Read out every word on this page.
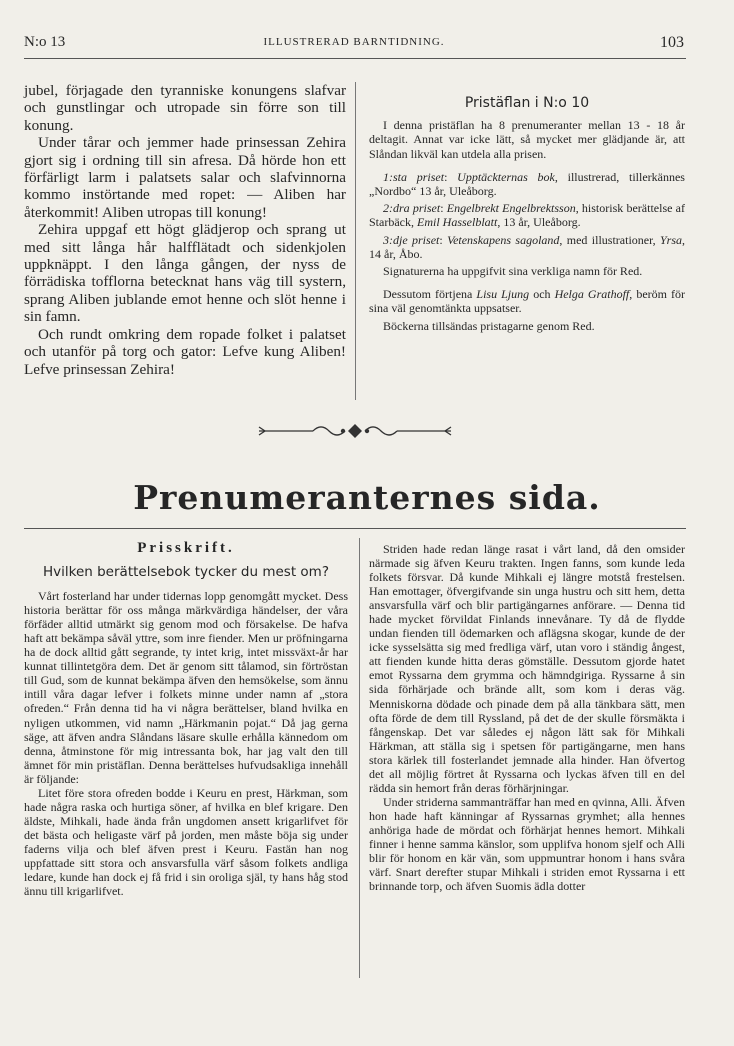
N:o 13	ILLUSTRERAD BARNTIDNING.	103

jubel, förjagade den tyranniske konungens slafvar och gunstlingar och utropade sin förre son till konung.

Under tårar och jemmer hade prinsessan Zehira gjort sig i ordning till sin afresa. Då hörde hon ett förfärligt larm i palatsets salar och slafvinnorna kommo instörtande med ropet: — Aliben har återkommit! Aliben utropas till konung!

Zehira uppgaf ett högt glädjerop och sprang ut med sitt långa hår halfflätadt och sidenkjolen uppknäppt. I den långa gången, der nyss de förrädiska tofflorna betecknat hans väg till systern, sprang Aliben jublande emot henne och slöt henne i sin famn.

Och rundt omkring dem ropade folket i palatset och utanför på torg och gator: Lefve kung Aliben! Lefve prinsessan Zehira!

Pristäflan i N:o 10

I denna pristäflan ha 8 prenumeranter mellan 13 - 18 år deltagit. Annat var icke lätt, så mycket mer glädjande är, att Slåndan likväl kan utdela alla prisen.

1:sta priset: Upptäckternas bok, illustrerad, tillerkännes „Nordbo“ 13 år, Uleåborg.

2:dra priset: Engelbrekt Engelbrektsson, historisk berättelse af Starbäck, Emil Hasselblatt, 13 år, Uleåborg.

3:dje priset: Vetenskapens sagoland, med illustrationer, Yrsa, 14 år, Åbo.

Signaturerna ha uppgifvit sina verkliga namn för Red.

Dessutom förtjena Lisu Ljung och Helga Grathoff, beröm för sina väl genomtänkta uppsatser.

Böckerna tillsändas pristagarne genom Red.

Prenumeranternes sida.

Prisskrift.

Hvilken berättelsebok tycker du mest om?

Vårt fosterland har under tidernas lopp genomgått mycket. Dess historia berättar för oss många märkvärdiga händelser, der våra förfäder alltid utmärkt sig genom mod och försakelse. De hafva haft att bekämpa såväl yttre, som inre fiender. Men ur pröfningarna ha de dock alltid gått segrande, ty intet krig, intet missväxt-år har kunnat tillintetgöra dem. Det är genom sitt tålamod, sin förtröstan till Gud, som de kunnat bekämpa äfven den hemsökelse, som ännu intill våra dagar lefver i folkets minne under namn af „stora ofreden.“ Från denna tid ha vi några berättelser, bland hvilka en nyligen utkommen, vid namn „Härkmanin pojat.“ Då jag gerna säge, att äfven andra Slåndans läsare skulle erhålla kännedom om denna, åtminstone för mig intressanta bok, har jag valt den till ämnet för min pristäflan. Denna berättelses hufvudsakliga innehåll är följande:

Litet före stora ofreden bodde i Keuru en prest, Härkman, som hade några raska och hurtiga söner, af hvilka en blef krigare. Den äldste, Mihkali, hade ända från ungdomen ansett krigarlifvet för det bästa och heligaste värf på jorden, men måste böja sig under faderns vilja och blef äfven prest i Keuru. Fastän han nog uppfattade sitt stora och ansvarsfulla värf såsom folkets andliga ledare, kunde han dock ej få frid i sin oroliga själ, ty hans håg stod ännu till krigarlifvet.

Striden hade redan länge rasat i vårt land, då den omsider närmade sig äfven Keuru trakten. Ingen fanns, som kunde leda folkets försvar. Då kunde Mihkali ej längre motstå frestelsen. Han emottager, öfvergifvande sin unga hustru och sitt hem, detta ansvarsfulla värf och blir partigängarnes anförare. — Denna tid hade mycket förvildat Finlands innevånare. Ty då de flydde undan fienden till ödemarken och aflägsna skogar, kunde de der icke sysselsätta sig med fredliga värf, utan voro i ständig ångest, att fienden kunde hitta deras gömställe. Dessutom gjorde hatet emot Ryssarna dem grymma och hämndgiriga. Ryssarne å sin sida förhärjade och brände allt, som kom i deras väg. Menniskorna dödade och pinade dem på alla tänkbara sätt, men ofta förde de dem till Ryssland, på det de der skulle försmäkta i fångenskap. Det var således ej någon lätt sak för Mihkali Härkman, att ställa sig i spetsen för partigängarne, men hans stora kärlek till fosterlandet jemnade alla hinder. Han öfvertog det all möjlig förtret åt Ryssarna och lyckas äfven till en del rädda sin hemort från deras förhärjningar.

Under striderna sammanträffar han med en qvinna, Alli. Äfven hon hade haft känningar af Ryssarnas grymhet; alla hennes anhöriga hade de mördat och förhärjat hennes hemort. Mihkali finner i henne samma känslor, som upplifva honom sjelf och Alli blir för honom en kär vän, som uppmuntrar honom i hans svåra värf. Snart derefter stupar Mihkali i striden emot Ryssarna i ett brinnande torp, och äfven Suomis ädla dotter
